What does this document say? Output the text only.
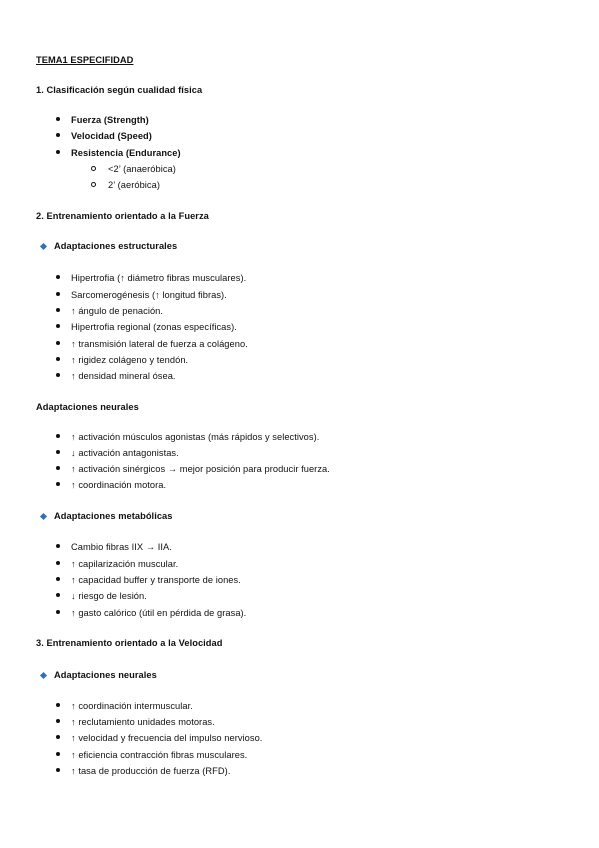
TEMA1 ESPECIFIDAD
1. Clasificación según cualidad física
Fuerza (Strength)
Velocidad (Speed)
Resistencia (Endurance)
<2’ (anaeróbica)
2’ (aeróbica)
2. Entrenamiento orientado a la Fuerza
Adaptaciones estructurales
Hipertrofia (↑ diámetro fibras musculares).
Sarcomerogénesis (↑ longitud fibras).
↑ ángulo de penación.
Hipertrofia regional (zonas específicas).
↑ transmisión lateral de fuerza a colágeno.
↑ rigidez colágeno y tendón.
↑ densidad mineral ósea.
Adaptaciones neurales
↑ activación músculos agonistas (más rápidos y selectivos).
↓ activación antagonistas.
↑ activación sinérgicos → mejor posición para producir fuerza.
↑ coordinación motora.
Adaptaciones metabólicas
Cambio fibras IIX → IIA.
↑ capilarización muscular.
↑ capacidad buffer y transporte de iones.
↓ riesgo de lesión.
↑ gasto calórico (útil en pérdida de grasa).
3. Entrenamiento orientado a la Velocidad
Adaptaciones neurales
↑ coordinación intermuscular.
↑ reclutamiento unidades motoras.
↑ velocidad y frecuencia del impulso nervioso.
↑ eficiencia contracción fibras musculares.
↑ tasa de producción de fuerza (RFD).
